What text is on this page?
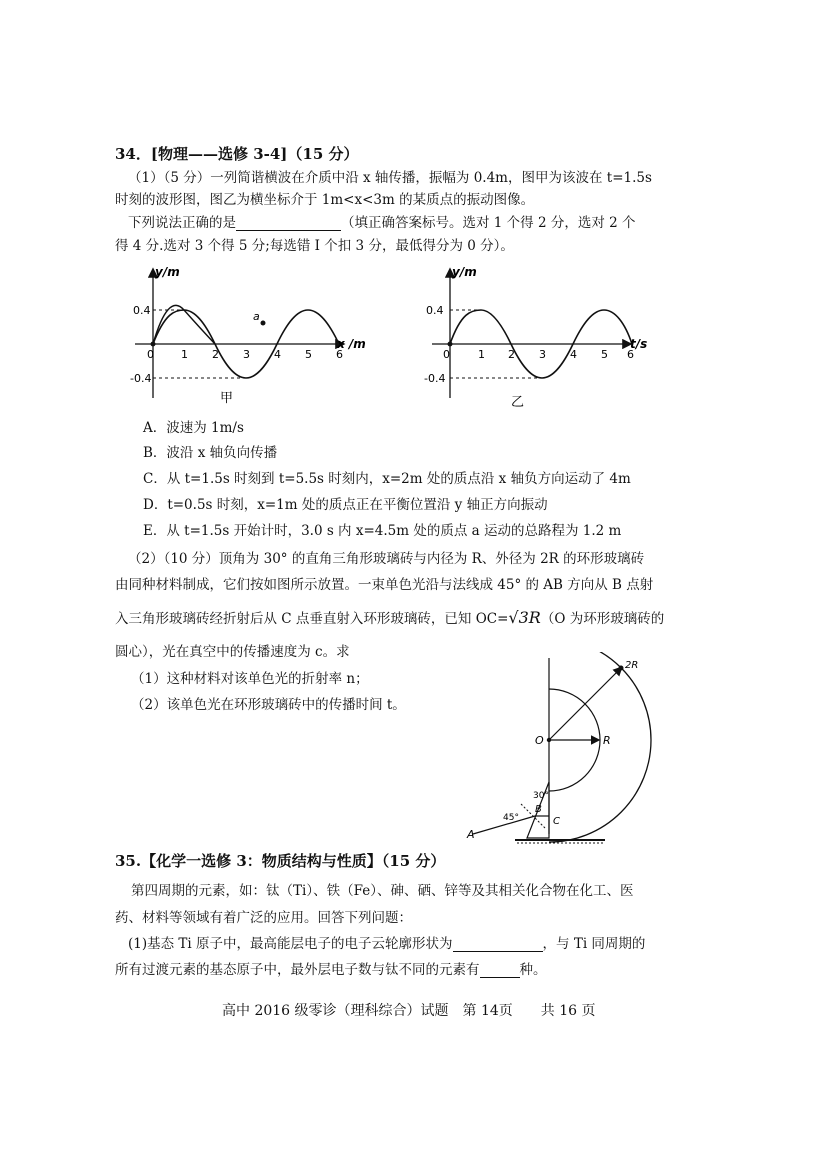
34．[物理——选修 3-4]（15 分）
（1）（5 分）一列简谐横波在介质中沿 x 轴传播，振幅为 0.4m，图甲为该波在 t=1.5s
时刻的波形图，图乙为横坐标介于 1m<x<3m 的某质点的振动图像。
下列说法正确的是	（填正确答案标号。选对 1 个得 2 分，选对 2 个
得 4 分.选对 3 个得 5 分;每选错 I 个扣 3 分，最低得分为 0 分）。
a
y/m
x /m
0.4
-0.4
0 1 2 3 4 5 6
甲
y/m
t/s
0.4
-0.4
0	1 2 3 4 5 6
乙
A．波速为 1m/s
B．波沿 x 轴负向传播
C．从 t=1.5s 时刻到 t=5.5s 时刻内，x=2m 处的质点沿 x 轴负方向运动了 4m
D．t=0.5s 时刻，x=1m 处的质点正在平衡位置沿 y 轴正方向振动
E．从 t=1.5s 开始计时，3.0 s 内 x=4.5m 处的质点 a 运动的总路程为 1.2 m
（2）（10 分）顶角为 30° 的直角三角形玻璃砖与内径为 R、外径为 2R 的环形玻璃砖
由同种材料制成，它们按如图所示放置。一束单色光沿与法线成 45° 的 AB 方向从 B 点射
入三角形玻璃砖经折射后从 C 点垂直射入环形玻璃砖，已知 OC=√3R（O 为环形玻璃砖的
圆心），光在真空中的传播速度为 c。求
（1）这种材料对该单色光的折射率 n；
（2）该单色光在环形玻璃砖中的传播时间 t。
O	R
2R
A
B
C
45°
30°
35.【化学一选修 3：物质结构与性质】（15 分）
第四周期的元素，如：钛（Ti）、铁（Fe）、砷、硒、锌等及其相关化合物在化工、医
药、材料等领域有着广泛的应用。回答下列问题：
(1)基态 Ti 原子中，最高能层电子的电子云轮廓形状为	，与 Ti 同周期的
所有过渡元素的基态原子中，最外层电子数与钛不同的元素有	种。
高中 2016 级零诊（理科综合）试题　第 14页　　共 16 页
